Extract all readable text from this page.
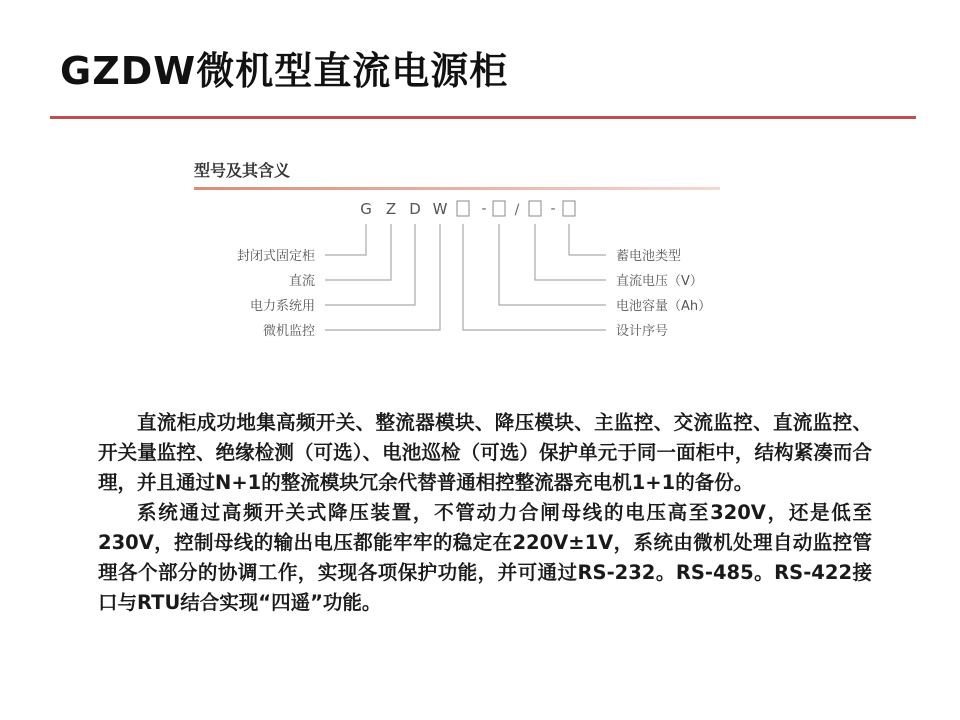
GZDW微机型直流电源柜
型号及其含义
G Z D W - / -
封闭式固定柜
直流
电力系统用
微机监控
蓄电池类型
直流电压（V）
电池容量（Ah）
设计序号

直流柜成功地集高频开关、整流器模块、降压模块、主监控、交流监控、直流监控、开关量监控、绝缘检测（可选）、电池巡检（可选）保护单元于同一面柜中，结构紧凑而合理，并且通过N+1的整流模块冗余代替普通相控整流器充电机1+1的备份。

系统通过高频开关式降压装置，不管动力合闸母线的电压高至320V，还是低至230V，控制母线的输出电压都能牢牢的稳定在220V±1V，系统由微机处理自动监控管理各个部分的协调工作，实现各项保护功能，并可通过RS-232。RS-485。RS-422接口与RTU结合实现“四遥”功能。
